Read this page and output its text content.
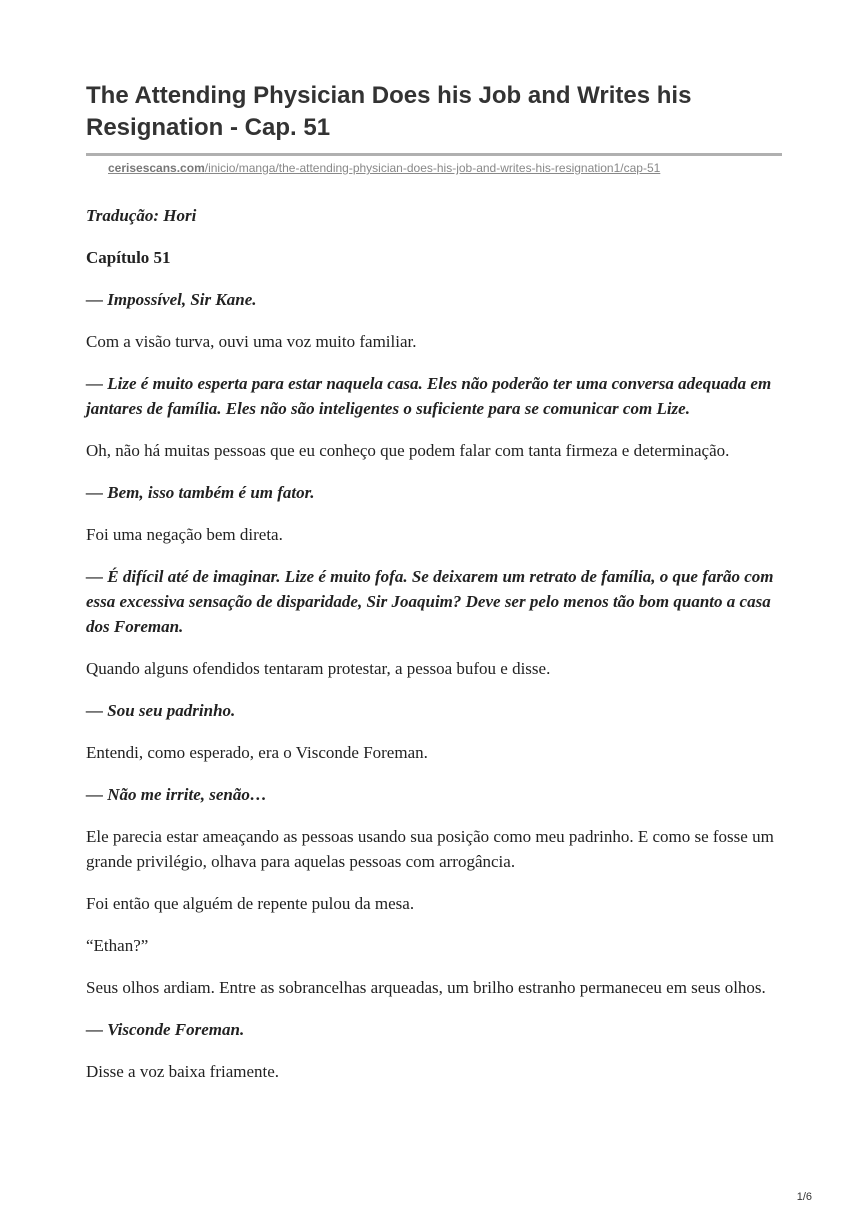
The Attending Physician Does his Job and Writes his Resignation - Cap. 51
cerisescans.com/inicio/manga/the-attending-physician-does-his-job-and-writes-his-resignation1/cap-51

Tradução: Hori

Capítulo 51

— Impossível, Sir Kane.

Com a visão turva, ouvi uma voz muito familiar.

— Lize é muito esperta para estar naquela casa. Eles não poderão ter uma conversa adequada em jantares de família. Eles não são inteligentes o suficiente para se comunicar com Lize.

Oh, não há muitas pessoas que eu conheço que podem falar com tanta firmeza e determinação.

— Bem, isso também é um fator.

Foi uma negação bem direta.

— É difícil até de imaginar. Lize é muito fofa. Se deixarem um retrato de família, o que farão com essa excessiva sensação de disparidade, Sir Joaquim? Deve ser pelo menos tão bom quanto a casa dos Foreman.

Quando alguns ofendidos tentaram protestar, a pessoa bufou e disse.

— Sou seu padrinho.

Entendi, como esperado, era o Visconde Foreman.

— Não me irrite, senão…

Ele parecia estar ameaçando as pessoas usando sua posição como meu padrinho. E como se fosse um grande privilégio, olhava para aquelas pessoas com arrogância.

Foi então que alguém de repente pulou da mesa.

“Ethan?”

Seus olhos ardiam. Entre as sobrancelhas arqueadas, um brilho estranho permaneceu em seus olhos.

— Visconde Foreman.

Disse a voz baixa friamente.

1/6
